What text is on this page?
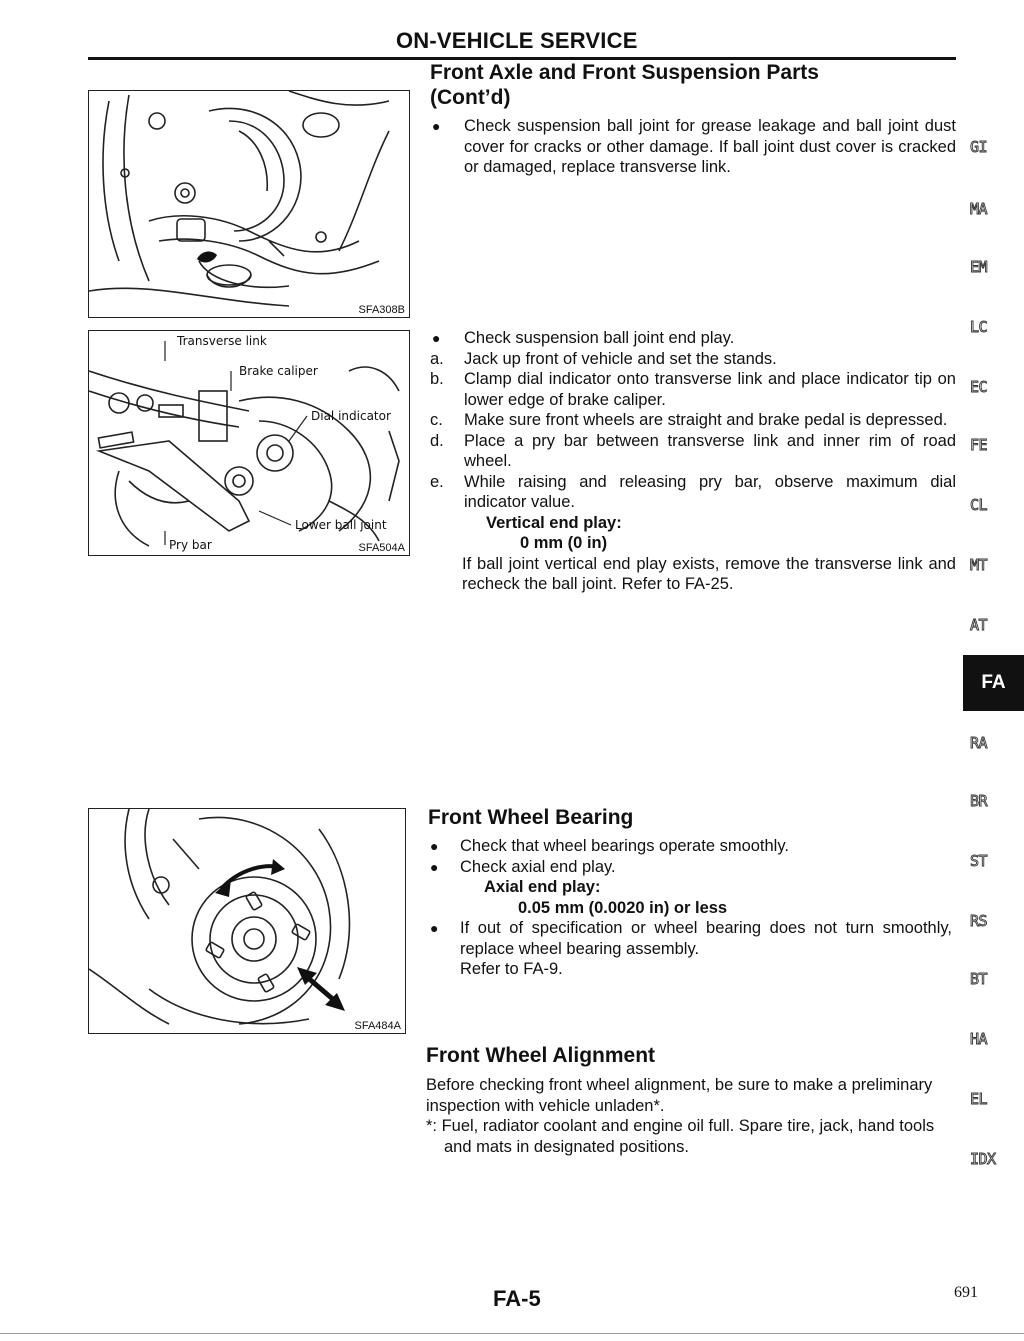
ON-VEHICLE SERVICE
SFA308B
Front Axle and Front Suspension Parts
(Cont’d)
● Check suspension ball joint for grease leakage and ball joint dust cover for cracks or other damage. If ball joint dust cover is cracked or damaged, replace transverse link.
Transverse link
Brake caliper
Dial indicator
Lower ball joint
Pry bar	SFA504A
● Check suspension ball joint end play.
a. Jack up front of vehicle and set the stands.
b. Clamp dial indicator onto transverse link and place indicator tip on lower edge of brake caliper.
c. Make sure front wheels are straight and brake pedal is depressed.
d. Place a pry bar between transverse link and inner rim of road wheel.
e. While raising and releasing pry bar, observe maximum dial indicator value.
Vertical end play:
0 mm (0 in)
If ball joint vertical end play exists, remove the transverse link and recheck the ball joint. Refer to FA-25.
SFA484A
Front Wheel Bearing
● Check that wheel bearings operate smoothly.
● Check axial end play.
Axial end play:
0.05 mm (0.0020 in) or less
● If out of specification or wheel bearing does not turn smoothly, replace wheel bearing assembly.
Refer to FA-9.
Front Wheel Alignment
Before checking front wheel alignment, be sure to make a preliminary inspection with vehicle unladen*.
*: Fuel, radiator coolant and engine oil full. Spare tire, jack, hand tools and mats in designated positions.
GI
MA
EM
LC
EC
FE
CL
MT
AT
FA
RA
BR
ST
RS
BT
HA
EL
IDX
FA-5	691
